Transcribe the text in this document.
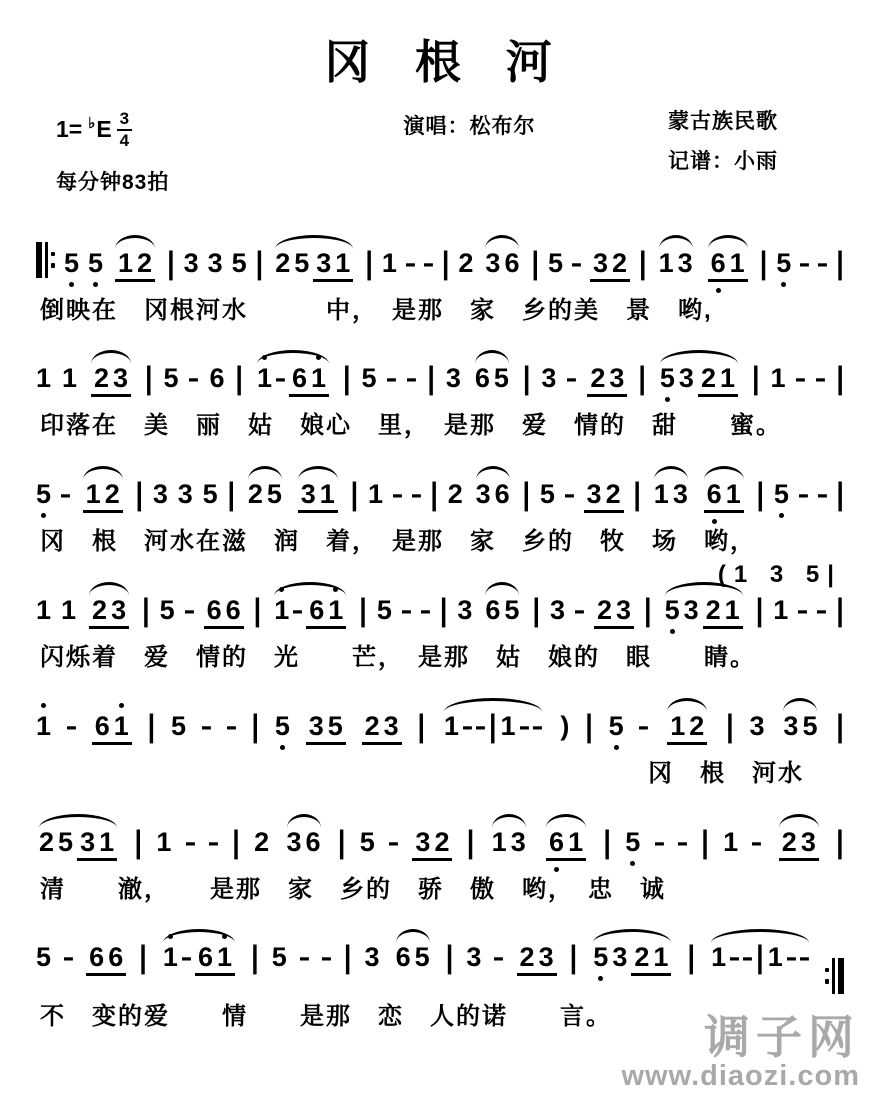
冈 根 河
1= ♭ E $\frac{3}{4}$
每分钟83拍
演唱：松布尔	蒙古族民歌
记谱：小雨
5 5 1 2 | 3 3 5 | 2 5 3 1 | 1 - - | 2 3 6 | 5 - 3 2 | 1 3 6 1 | 5 - - |
倒映在　冈根河水　　　中，　是那　家　乡的美　景　哟,
1 1 2 3 | 5 - 6 | 1 - 6 1 | 5 - - | 3 6 5 | 3 - 2 3 | 5 3 2 1 | 1 - - |
印落在　美　丽　姑　娘心　里，　是那　爱　情的　甜　　蜜。
5 - 1 2 | 3 3 5 | 2 5 3 1 | 1 - - | 2 3 6 | 5 - 3 2 | 1 3 6 1 | 5 - - |
冈　根　河水在滋　润　着，　是那　家　乡的　牧　场　哟，
(1 3 5|
1 1 2 3 | 5 - 6 6 | 1 - 6 1 | 5 - - | 3 6 5 | 3 - 2 3 | 5 3 2 1 | 1 - - |
闪烁着　爱　情的　光　　芒，　是那　姑　娘的　眼　　睛。
1 - 6 1 | 5 - - | 5 3 5 2 3 | 1 - - | 1 - - ) | 5 - 1 2 | 3 3 5 |
冈　根　河水
2 5 3 1 | 1 - - | 2 3 6 | 5 - 3 2 | 1 3 6 1 | 5 - - | 1 - 2 3 |
清　　澈，　　是那　家　乡的　骄　傲　哟，　忠　诚
5 - 6 6 | 1 - 6 1 | 5 - - | 3 6 5 | 3 - 2 3 | 5 3 2 1 | 1 - - | 1 - -
不　变的爱　　情　　是那　恋　人的诺　　言。	调子网
www.diaozi.com
